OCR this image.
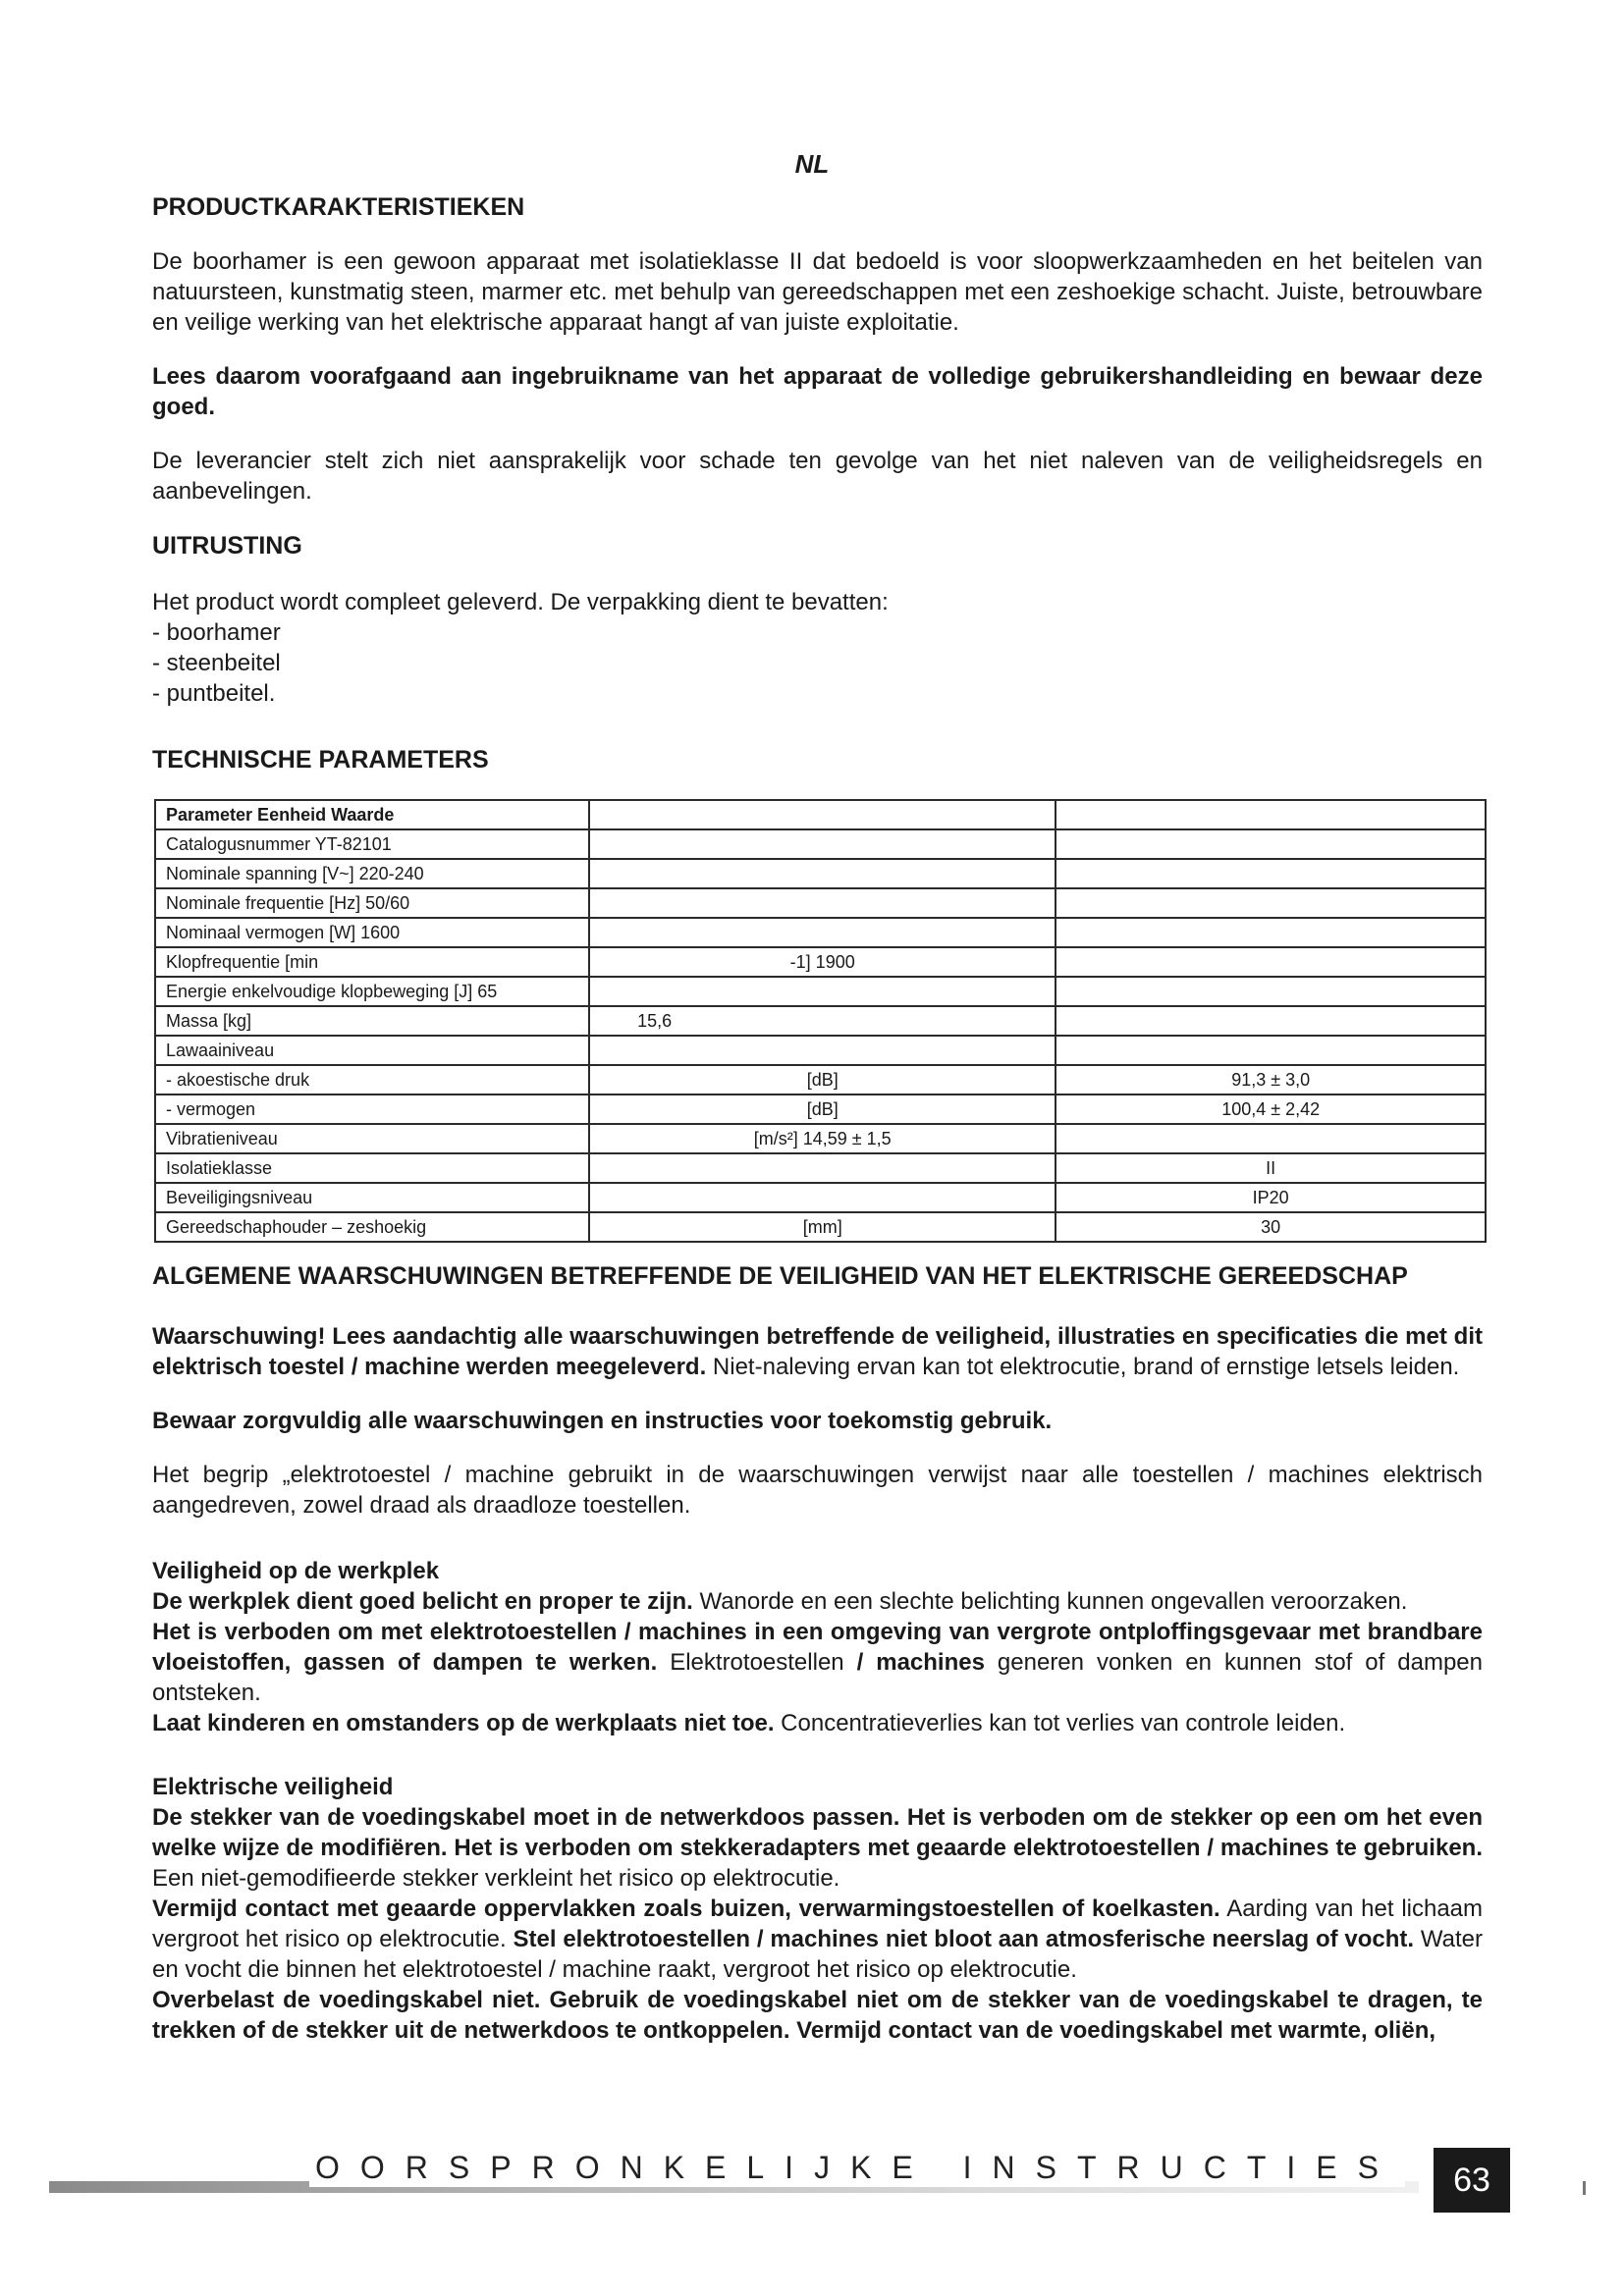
NL
PRODUCTKARAKTERISTIEKEN

De boorhamer is een gewoon apparaat met isolatieklasse II dat bedoeld is voor sloopwerkzaamheden en het beitelen van natuursteen, kunstmatig steen, marmer etc. met behulp van gereedschappen met een zeshoekige schacht. Juiste, betrouwbare en veilige werking van het elektrische apparaat hangt af van juiste exploitatie.

Lees daarom voorafgaand aan ingebruikname van het apparaat de volledige gebruikershandleiding en bewaar deze goed.

De leverancier stelt zich niet aansprakelijk voor schade ten gevolge van het niet naleven van de veiligheidsregels en aanbevelingen.

UITRUSTING
Het product wordt compleet geleverd. De verpakking dient te bevatten:
- boorhamer
- steenbeitel
- puntbeitel.
TECHNISCHE PARAMETERS
Parameter Eenheid Waarde		
Catalogusnummer YT-82101		
Nominale spanning [V~] 220-240		
Nominale frequentie [Hz] 50/60		
Nominaal vermogen [W] 1600		
Klopfrequentie [min	-1] 1900	
Energie enkelvoudige klopbeweging [J] 65		
Massa [kg]	15,6	
Lawaainiveau		
- akoestische druk	[dB]	91,3 ± 3,0
- vermogen	[dB]	100,4 ± 2,42
Vibratieniveau	[m/s²] 14,59 ± 1,5	
Isolatieklasse		II
Beveiligingsniveau		IP20
Gereedschaphouder – zeshoekig	[mm]	30
ALGEMENE WAARSCHUWINGEN BETREFFENDE DE VEILIGHEID VAN HET ELEKTRISCHE GEREEDSCHAP

Waarschuwing! Lees aandachtig alle waarschuwingen betreffende de veiligheid, illustraties en specificaties die met dit elektrisch toestel / machine werden meegeleverd. Niet-naleving ervan kan tot elektrocutie, brand of ernstige letsels leiden.

Bewaar zorgvuldig alle waarschuwingen en instructies voor toekomstig gebruik.

Het begrip „elektrotoestel / machine gebruikt in de waarschuwingen verwijst naar alle toestellen / machines elektrisch aangedreven, zowel draad als draadloze toestellen.

Veiligheid op de werkplek
De werkplek dient goed belicht en proper te zijn. Wanorde en een slechte belichting kunnen ongevallen veroorzaken.
Het is verboden om met elektrotoestellen / machines in een omgeving van vergrote ontploffingsgevaar met brandbare vloeistoffen, gassen of dampen te werken. Elektrotoestellen / machines generen vonken en kunnen stof of dampen ontsteken.
Laat kinderen en omstanders op de werkplaats niet toe. Concentratieverlies kan tot verlies van controle leiden.
Elektrische veiligheid
De stekker van de voedingskabel moet in de netwerkdoos passen. Het is verboden om de stekker op een om het even welke wijze de modifiëren. Het is verboden om stekkeradapters met geaarde elektrotoestellen / machines te gebruiken. Een niet-gemodifieerde stekker verkleint het risico op elektrocutie.
Vermijd contact met geaarde oppervlakken zoals buizen, verwarmingstoestellen of koelkasten. Aarding van het lichaam vergroot het risico op elektrocutie. Stel elektrotoestellen / machines niet bloot aan atmosferische neerslag of vocht. Water en vocht die binnen het elektrotoestel / machine raakt, vergroot het risico op elektrocutie.
Overbelast de voedingskabel niet. Gebruik de voedingskabel niet om de stekker van de voedingskabel te dragen, te trekken of de stekker uit de netwerkdoos te ontkoppelen. Vermijd contact van de voedingskabel met warmte, oliën,
OORSPRONKELIJKE INSTRUCTIES	63
